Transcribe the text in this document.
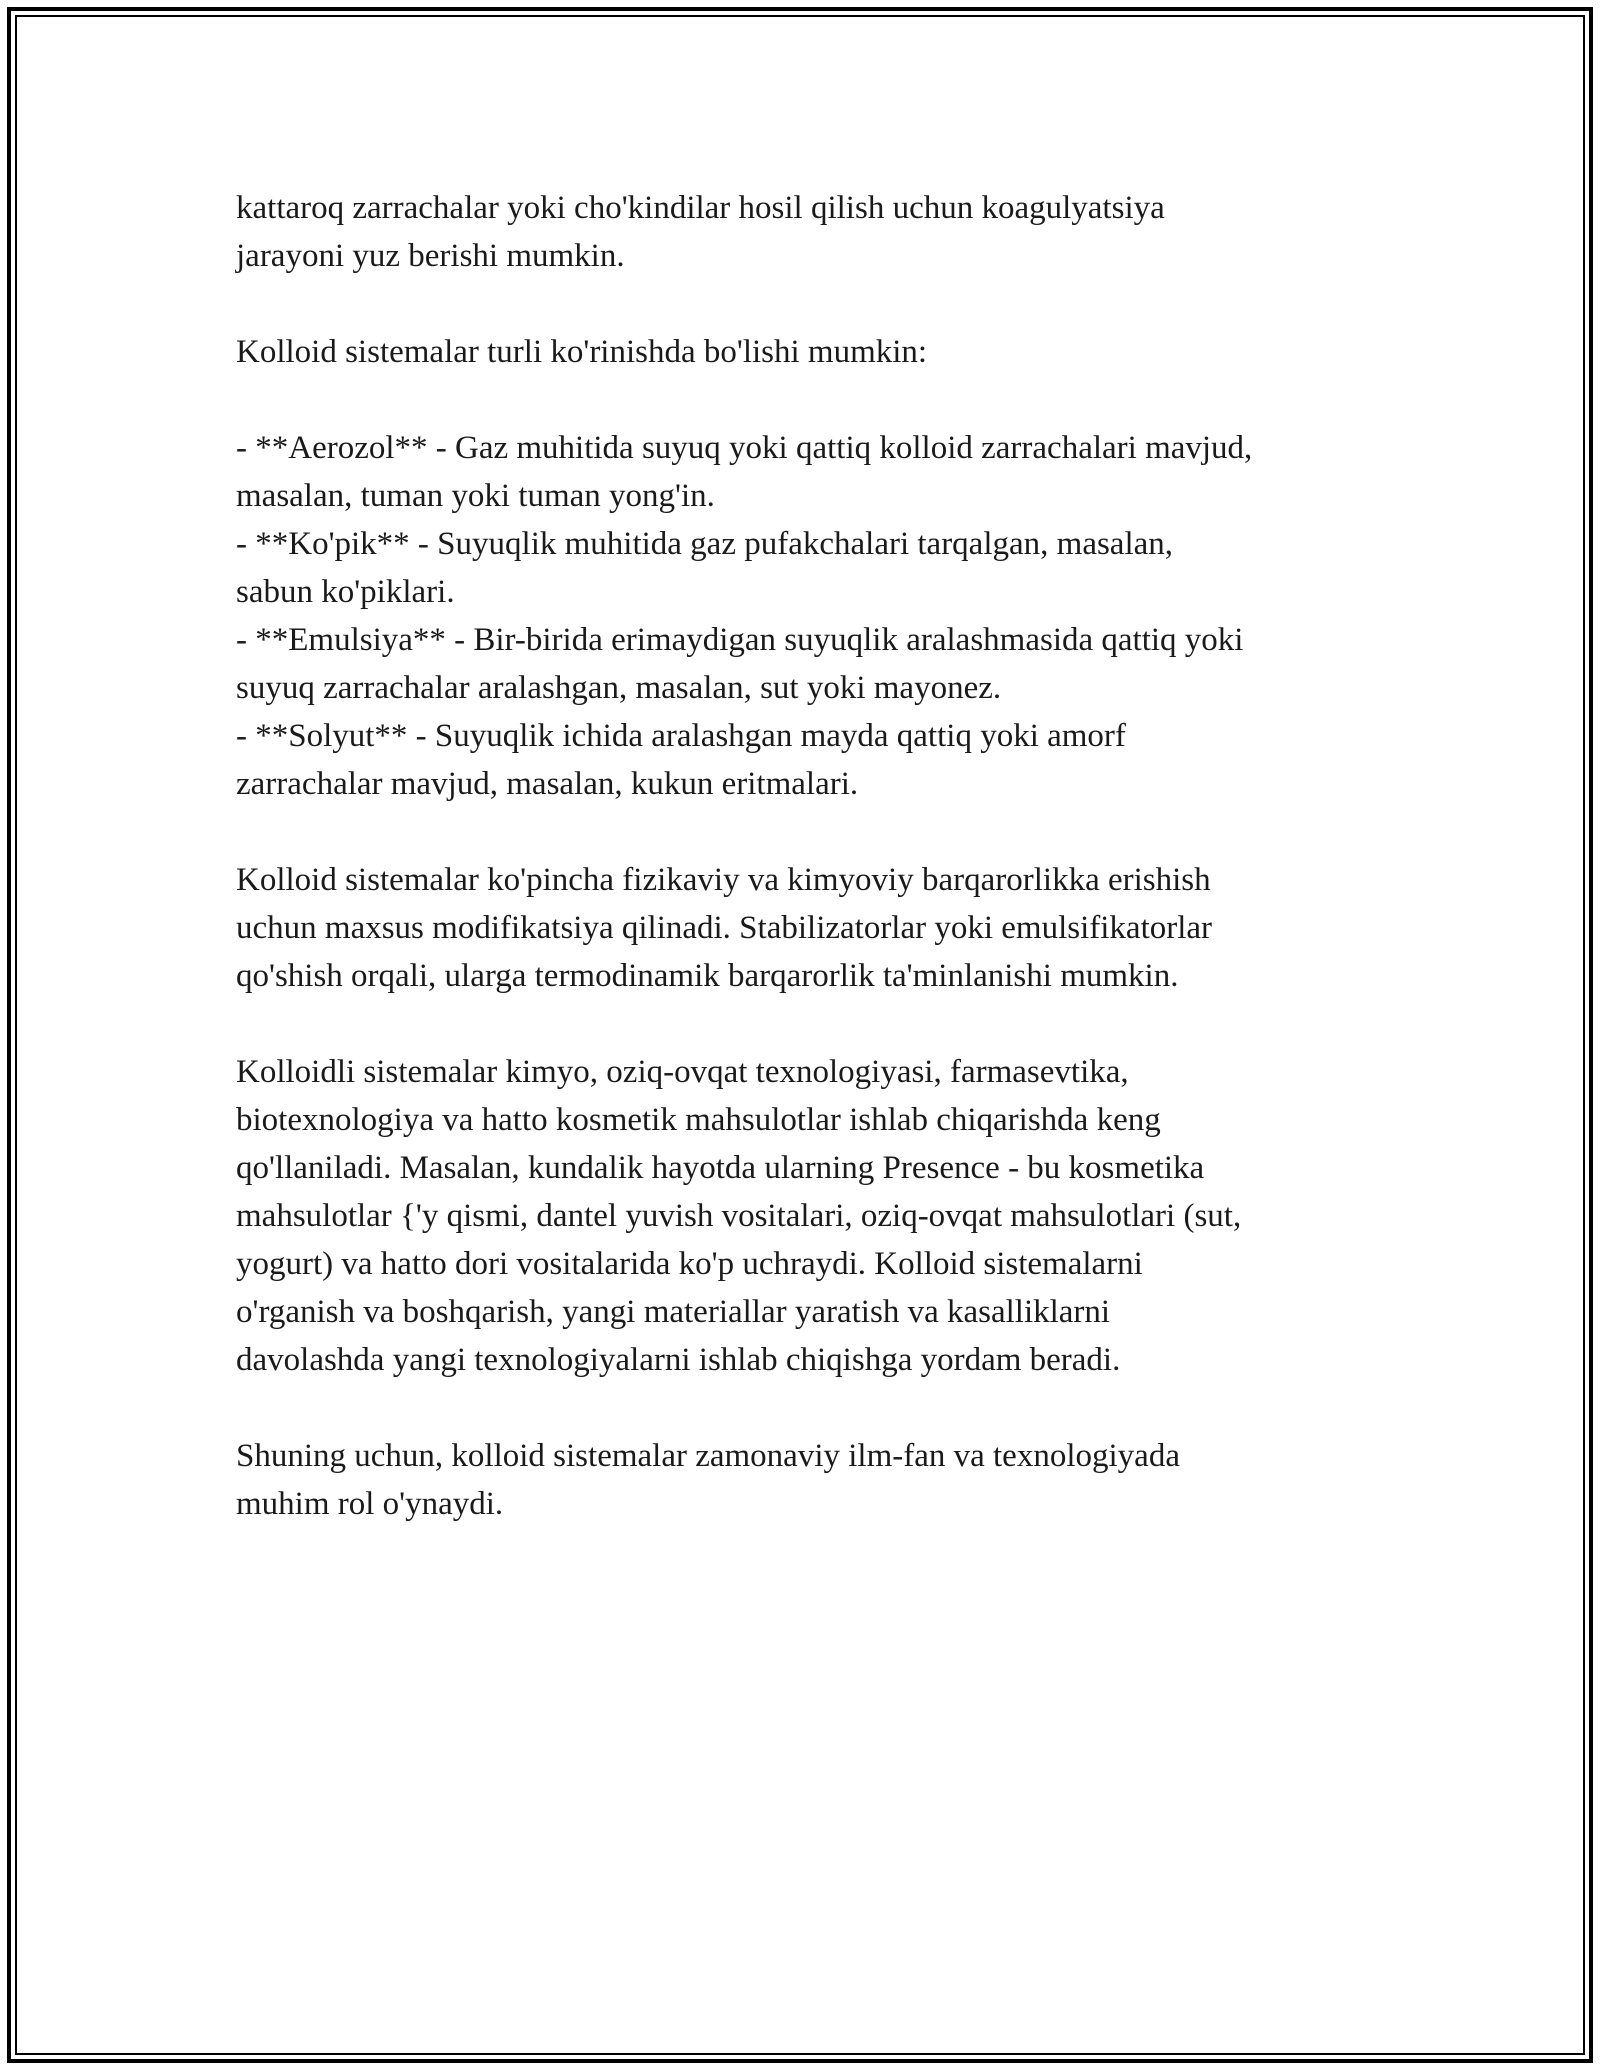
kattaroq zarrachalar yoki cho'kindilar hosil qilish uchun koagulyatsiya

jarayoni yuz berishi mumkin.

Kolloid sistemalar turli ko'rinishda bo'lishi mumkin:

- **Aerozol** - Gaz muhitida suyuq yoki qattiq kolloid zarrachalari mavjud,

masalan, tuman yoki tuman yong'in.

- **Ko'pik** - Suyuqlik muhitida gaz pufakchalari tarqalgan, masalan,

sabun ko'piklari.

- **Emulsiya** - Bir-birida erimaydigan suyuqlik aralashmasida qattiq yoki

suyuq zarrachalar aralashgan, masalan, sut yoki mayonez.

- **Solyut** - Suyuqlik ichida aralashgan mayda qattiq yoki amorf

zarrachalar mavjud, masalan, kukun eritmalari.

Kolloid sistemalar ko'pincha fizikaviy va kimyoviy barqarorlikka erishish

uchun maxsus modifikatsiya qilinadi. Stabilizatorlar yoki emulsifikatorlar

qo'shish orqali, ularga termodinamik barqarorlik ta'minlanishi mumkin.

Kolloidli sistemalar kimyo, oziq-ovqat texnologiyasi, farmasevtika,

biotexnologiya va hatto kosmetik mahsulotlar ishlab chiqarishda keng

qo'llaniladi. Masalan, kundalik hayotda ularning Presence - bu kosmetika

mahsulotlar {'y qismi, dantel yuvish vositalari, oziq-ovqat mahsulotlari (sut,

yogurt) va hatto dori vositalarida ko'p uchraydi. Kolloid sistemalarni

o'rganish va boshqarish, yangi materiallar yaratish va kasalliklarni

davolashda yangi texnologiyalarni ishlab chiqishga yordam beradi.

Shuning uchun, kolloid sistemalar zamonaviy ilm-fan va texnologiyada

muhim rol o'ynaydi.
